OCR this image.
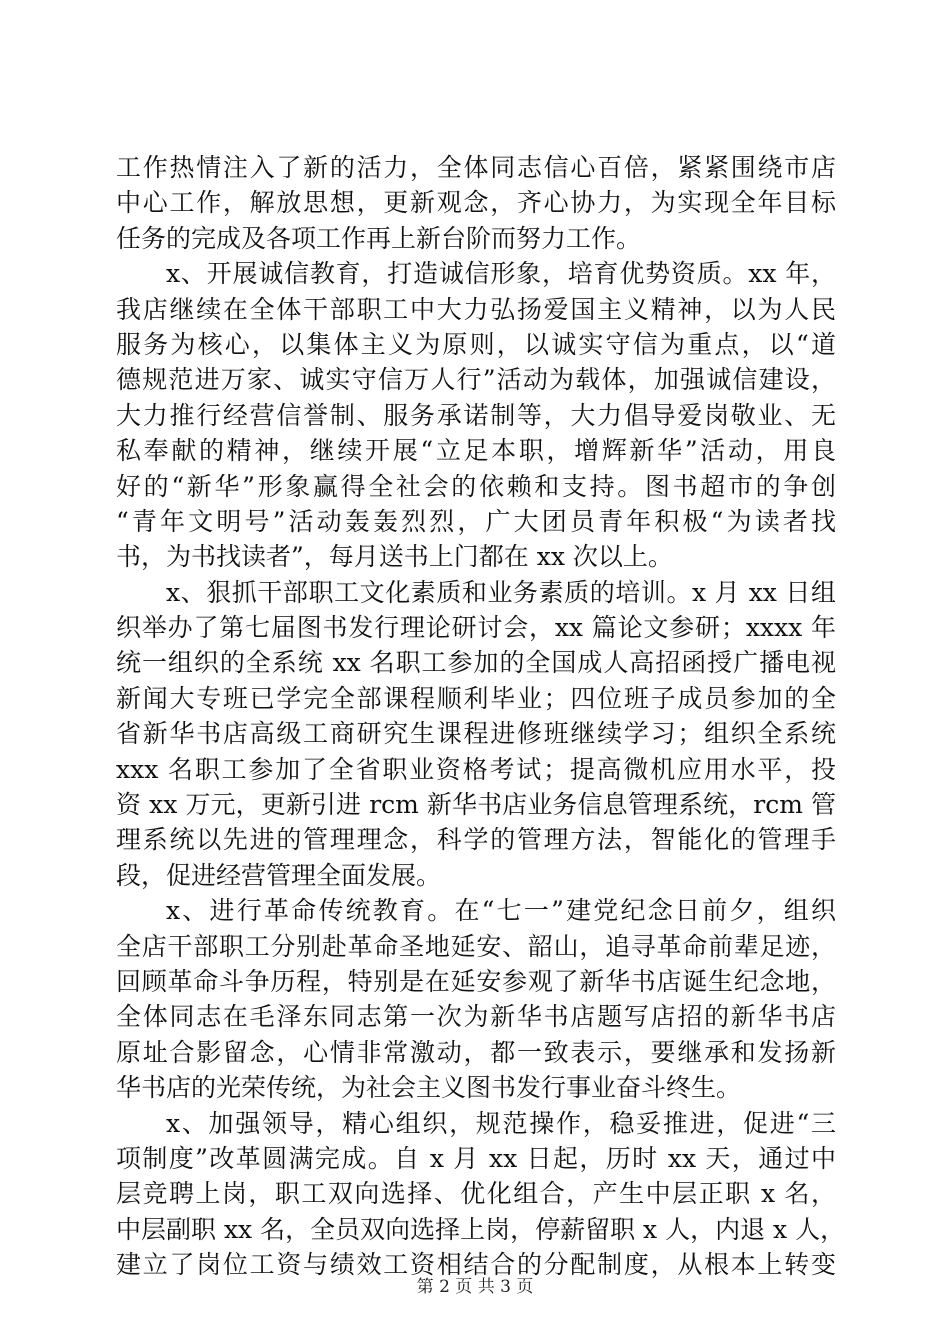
工作热情注入了新的活力，全体同志信心百倍，紧紧围绕市店
中心工作，解放思想，更新观念，齐心协力，为实现全年目标
任务的完成及各项工作再上新台阶而努力工作。
x、开展诚信教育，打造诚信形象，培育优势资质。xx 年，
我店继续在全体干部职工中大力弘扬爱国主义精神，以为人民
服务为核心，以集体主义为原则，以诚实守信为重点，以“道
德规范进万家、诚实守信万人行”活动为载体，加强诚信建设，
大力推行经营信誉制、服务承诺制等，大力倡导爱岗敬业、无
私奉献的精神，继续开展“立足本职，增辉新华”活动，用良
好的“新华”形象赢得全社会的依赖和支持。图书超市的争创
“青年文明号”活动轰轰烈烈，广大团员青年积极“为读者找
书，为书找读者”，每月送书上门都在 xx 次以上。
x、狠抓干部职工文化素质和业务素质的培训。x 月 xx 日组
织举办了第七届图书发行理论研讨会，xx 篇论文参研；xxxx 年
统一组织的全系统 xx 名职工参加的全国成人高招函授广播电视
新闻大专班已学完全部课程顺利毕业；四位班子成员参加的全
省新华书店高级工商研究生课程进修班继续学习；组织全系统
xxx 名职工参加了全省职业资格考试；提高微机应用水平，投
资 xx 万元，更新引进 rcm 新华书店业务信息管理系统，rcm 管
理系统以先进的管理理念，科学的管理方法，智能化的管理手
段，促进经营管理全面发展。
x、进行革命传统教育。在“七一”建党纪念日前夕，组织
全店干部职工分别赴革命圣地延安、韶山，追寻革命前辈足迹，
回顾革命斗争历程，特别是在延安参观了新华书店诞生纪念地，
全体同志在毛泽东同志第一次为新华书店题写店招的新华书店
原址合影留念，心情非常激动，都一致表示，要继承和发扬新
华书店的光荣传统，为社会主义图书发行事业奋斗终生。
x、加强领导，精心组织，规范操作，稳妥推进，促进“三
项制度”改革圆满完成。自 x 月 xx 日起，历时 xx 天，通过中
层竞聘上岗，职工双向选择、优化组合，产生中层正职 x 名，
中层副职 xx 名，全员双向选择上岗，停薪留职 x 人，内退 x 人，
建立了岗位工资与绩效工资相结合的分配制度，从根本上转变
第 2 页 共 3 页
